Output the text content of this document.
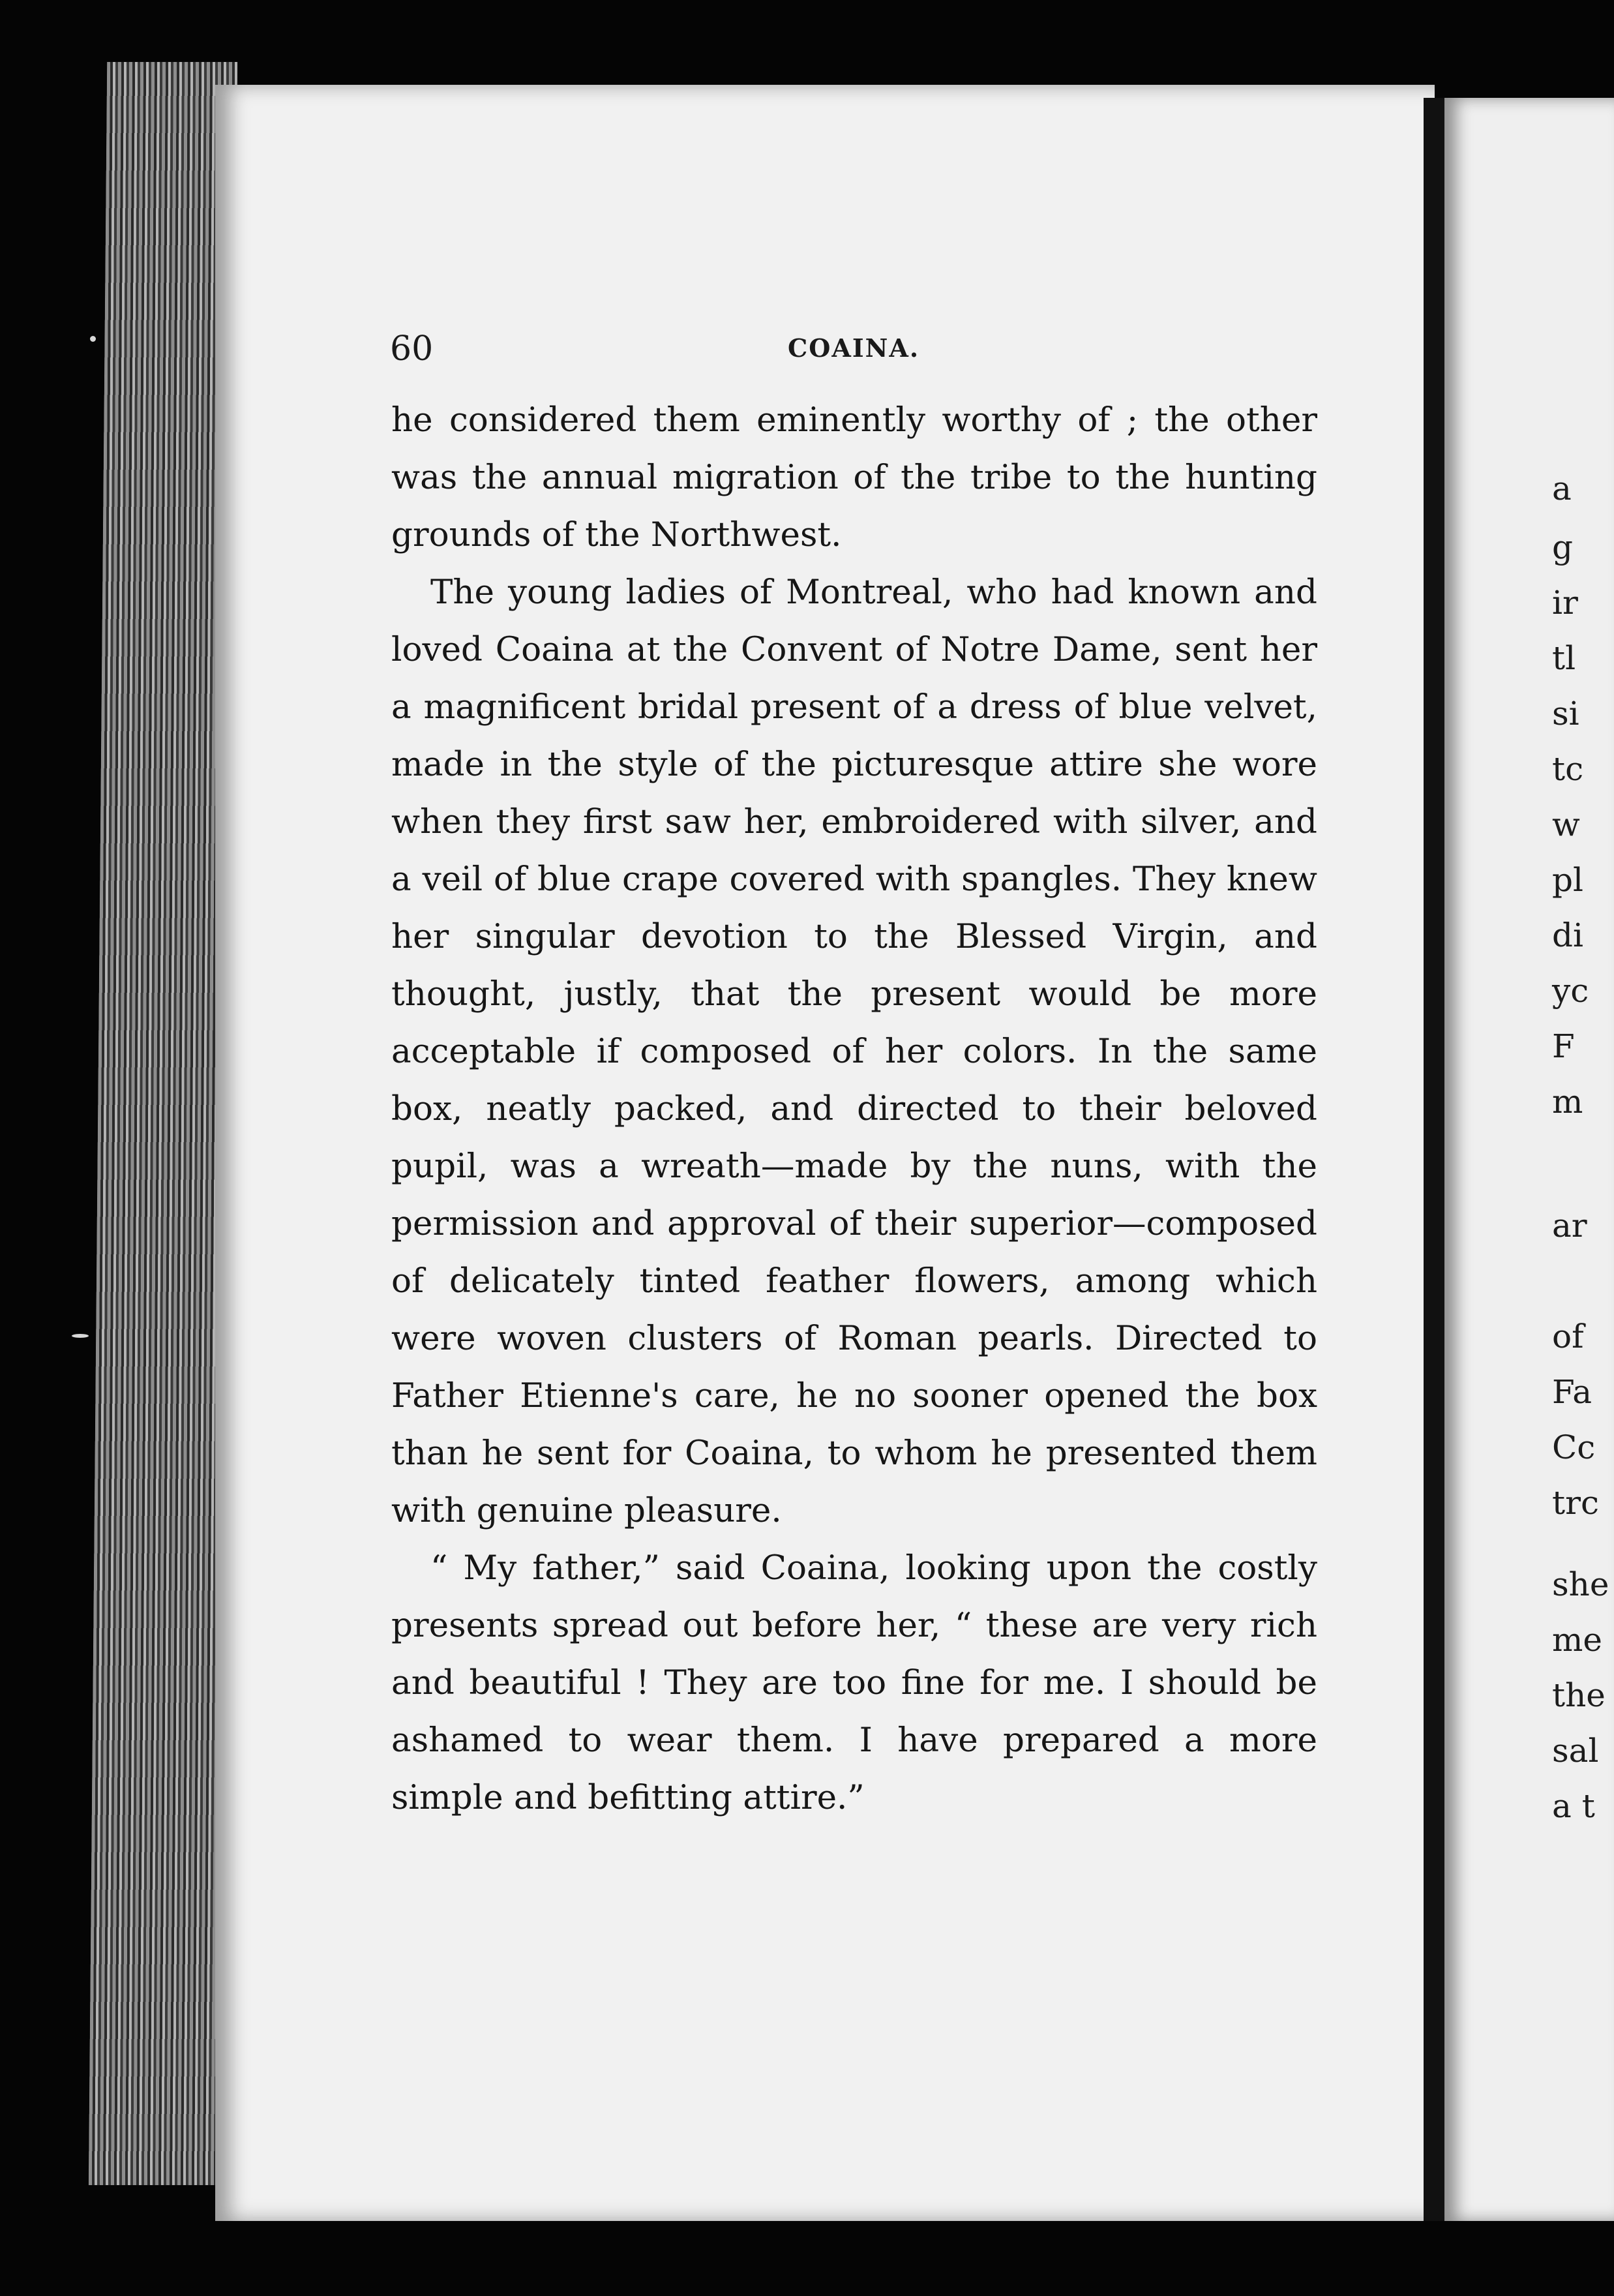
60	COAINA.

he considered them eminently worthy of ; the other was the annual migration of the tribe to the hunting grounds of the Northwest.

The young ladies of Montreal, who had known and loved Coaina at the Convent of Notre Dame, sent her a magnificent bridal present of a dress of blue velvet, made in the style of the picturesque attire she wore when they first saw her, embroidered with silver, and a veil of blue crape covered with spangles. They knew her singular devotion to the Blessed Virgin, and thought, justly, that the present would be more acceptable if composed of her colors. In the same box, neatly packed, and directed to their beloved pupil, was a wreath—made by the nuns, with the permission and approval of their superior—composed of delicately tinted feather flowers, among which were woven clusters of Roman pearls. Directed to Father Etienne's care, he no sooner opened the box than he sent for Coaina, to whom he presented them with genuine pleasure.

“ My father,” said Coaina, looking upon the costly presents spread out before her, “ these are very rich and beautiful ! They are too fine for me. I should be ashamed to wear them. I have prepared a more simple and befitting attire.”

a
g
ir
tl
si
tc
w
pl
di
yc
F
m
ar
of
Fa
Cc
trc
she
me
the
sal
a t
